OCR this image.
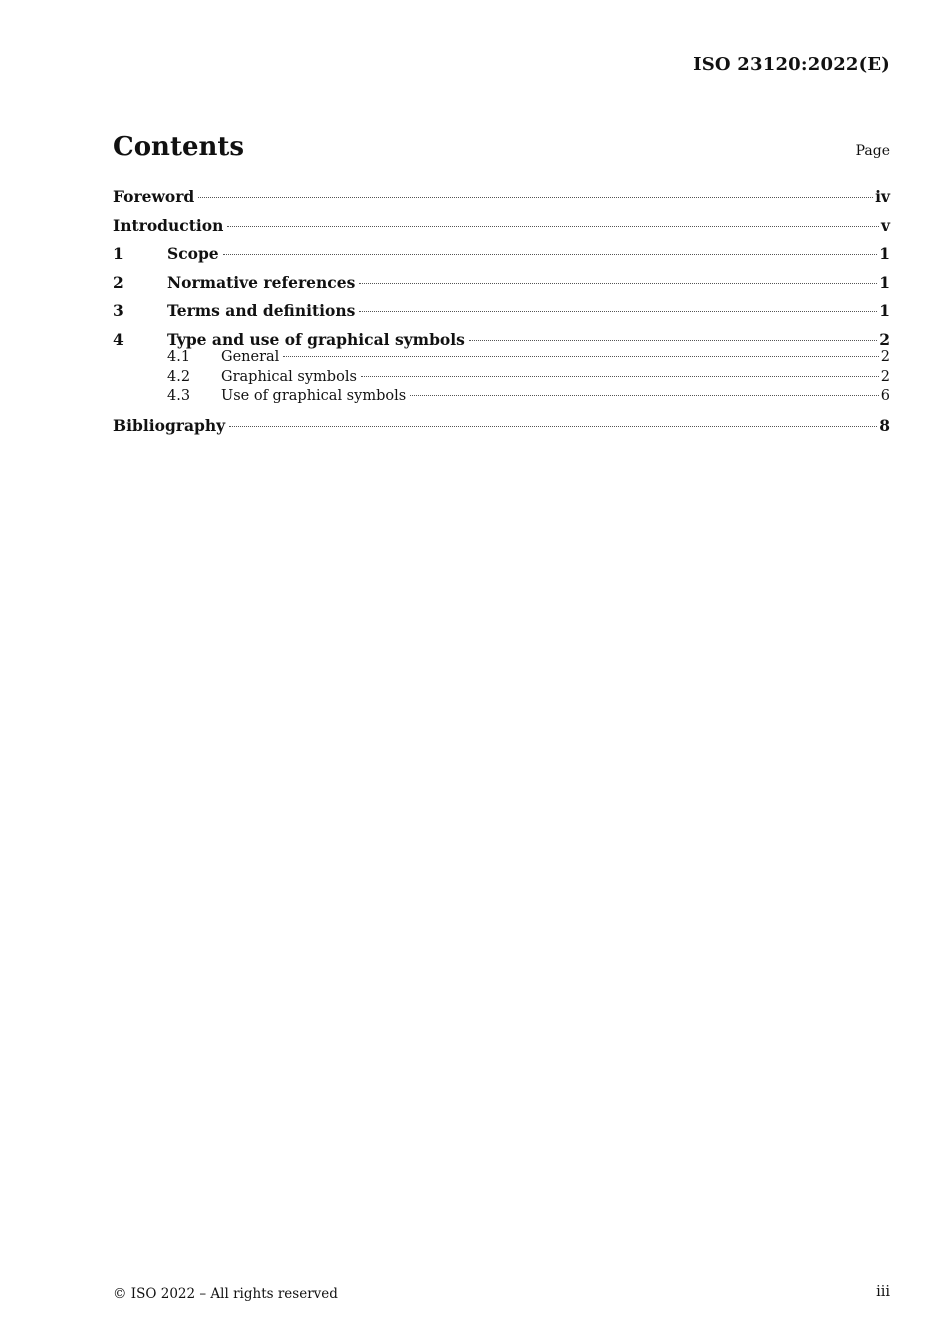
ISO 23120:2022(E)
Contents	Page
Foreword	iv
Introduction	v
1	Scope	1
2	Normative references	1
3	Terms and definitions	1
4	Type and use of graphical symbols	2
4.1	General	2
4.2	Graphical symbols	2
4.3	Use of graphical symbols	6
Bibliography	8
© ISO 2022 – All rights reserved	iii
